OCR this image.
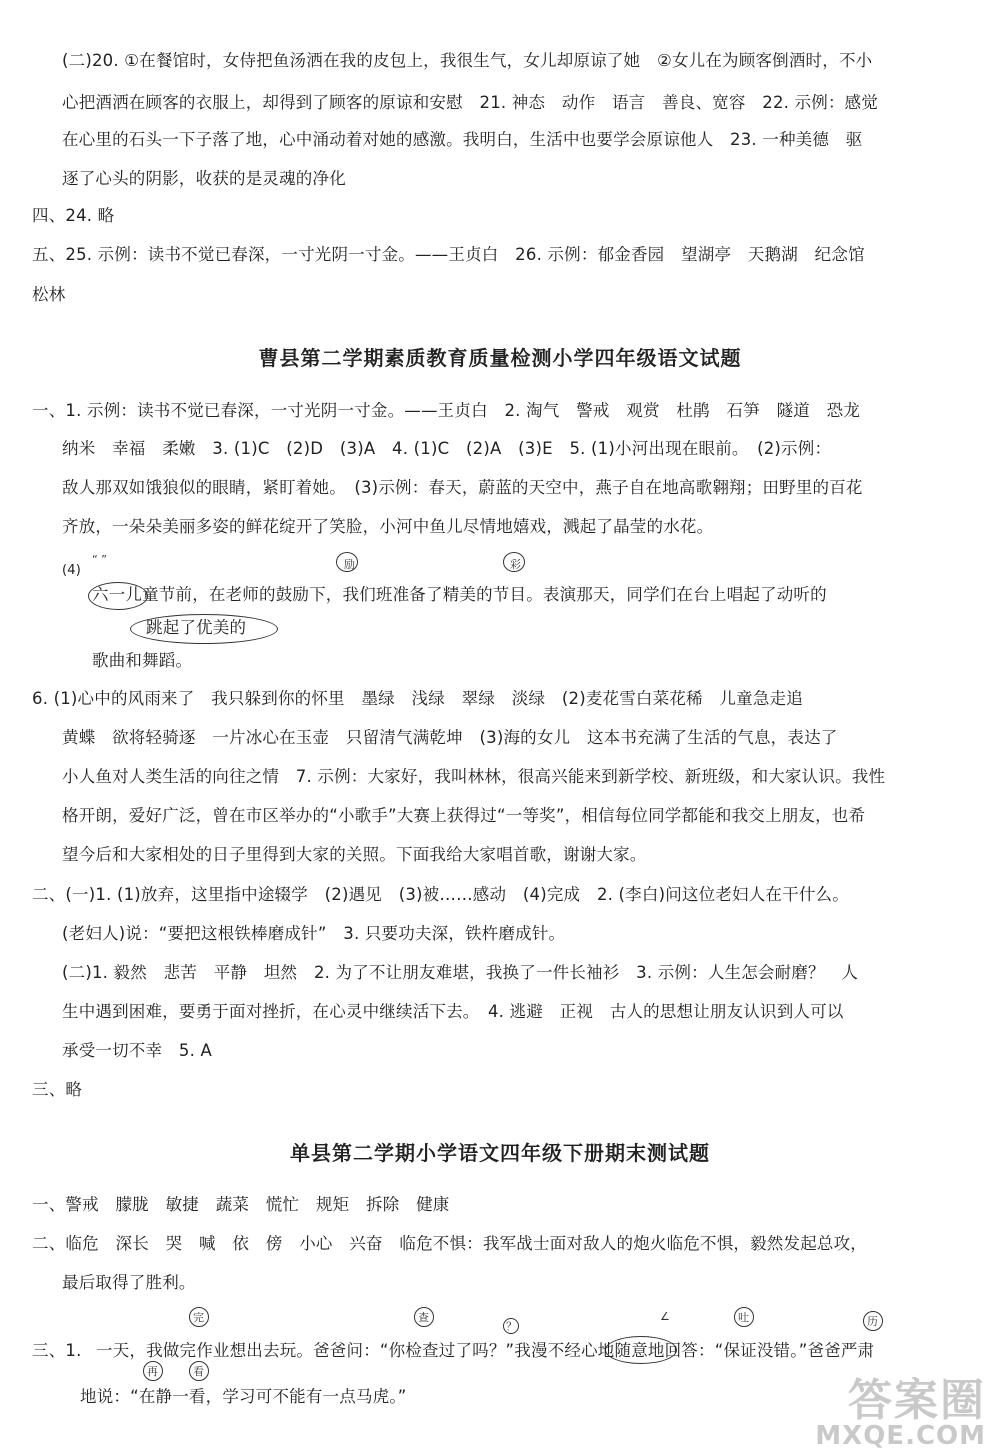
(二)20. ①在餐馆时，女侍把鱼汤洒在我的皮包上，我很生气，女儿却原谅了她　②女儿在为顾客倒酒时，不小
心把酒洒在顾客的衣服上，却得到了顾客的原谅和安慰　21. 神态　动作　语言　善良、宽容　22. 示例：感觉
在心里的石头一下子落了地，心中涌动着对她的感激。我明白，生活中也要学会原谅他人　23. 一种美德　驱
逐了心头的阴影，收获的是灵魂的净化
四、24. 略
五、25. 示例：读书不觉已春深，一寸光阴一寸金。——王贞白　26. 示例：郁金香园　望湖亭　天鹅湖　纪念馆
松林
曹县第二学期素质教育质量检测小学四年级语文试题
一、1. 示例：读书不觉已春深，一寸光阴一寸金。——王贞白　2. 淘气　警戒　观赏　杜鹃　石笋　隧道　恐龙
纳米　幸福　柔嫩　3. (1)C　(2)D　(3)A　4. (1)C　(2)A　(3)E　5. (1)小河出现在眼前。　(2)示例：
敌人那双如饿狼似的眼睛，紧盯着她。　(3)示例：春天，蔚蓝的天空中，燕子自在地高歌翱翔；田野里的百花
齐放，一朵朵美丽多姿的鲜花绽开了笑脸，小河中鱼儿尽情地嬉戏，溅起了晶莹的水花。
(4)
“ ”	励	彩
六一儿童节前，在老师的鼓励下，我们班准备了精美的节目。表演那天，同学们在台上唱起了动听的
跳起了优美的
歌曲和舞蹈。
6. (1)心中的风雨来了　我只躲到你的怀里　墨绿　浅绿　翠绿　淡绿　(2)麦花雪白菜花稀　儿童急走追
黄蝶　欲将轻骑逐　一片冰心在玉壶　只留清气满乾坤　(3)海的女儿　这本书充满了生活的气息，表达了
小人鱼对人类生活的向往之情　7. 示例：大家好，我叫林林，很高兴能来到新学校、新班级，和大家认识。我性
格开朗，爱好广泛，曾在市区举办的“小歌手”大赛上获得过“一等奖”，相信每位同学都能和我交上朋友，也希
望今后和大家相处的日子里得到大家的关照。下面我给大家唱首歌，谢谢大家。
二、(一)1. (1)放弃，这里指中途辍学　(2)遇见　(3)被……感动　(4)完成　2. (李白)问这位老妇人在干什么。
(老妇人)说：“要把这根铁棒磨成针”　3. 只要功夫深，铁杵磨成针。
(二)1. 毅然　悲苦　平静　坦然　2. 为了不让朋友难堪，我换了一件长袖衫　3. 示例：人生怎会耐磨？　人
生中遇到困难，要勇于面对挫折，在心灵中继续活下去。　4. 逃避　正视　古人的思想让朋友认识到人可以
承受一切不幸　5. A
三、略
单县第二学期小学语文四年级下册期末测试题
一、警戒　朦胧　敏捷　蔬菜　慌忙　规矩　拆除　健康
二、临危　深长　哭　喊　依　傍　小心　兴奋　临危不惧：我军战士面对敌人的炮火临危不惧，毅然发起总攻，
最后取得了胜利。
完	查
？
∠	吐	历
三、1. 一天，我做完作业想出去玩。爸爸问：“你检查过了吗？”我漫不经心地随意地回答：“保证没错。”爸爸严肃
再	看
地说：“在静一看，学习可不能有一点马虎。”	答案圈
MXQE.COM
